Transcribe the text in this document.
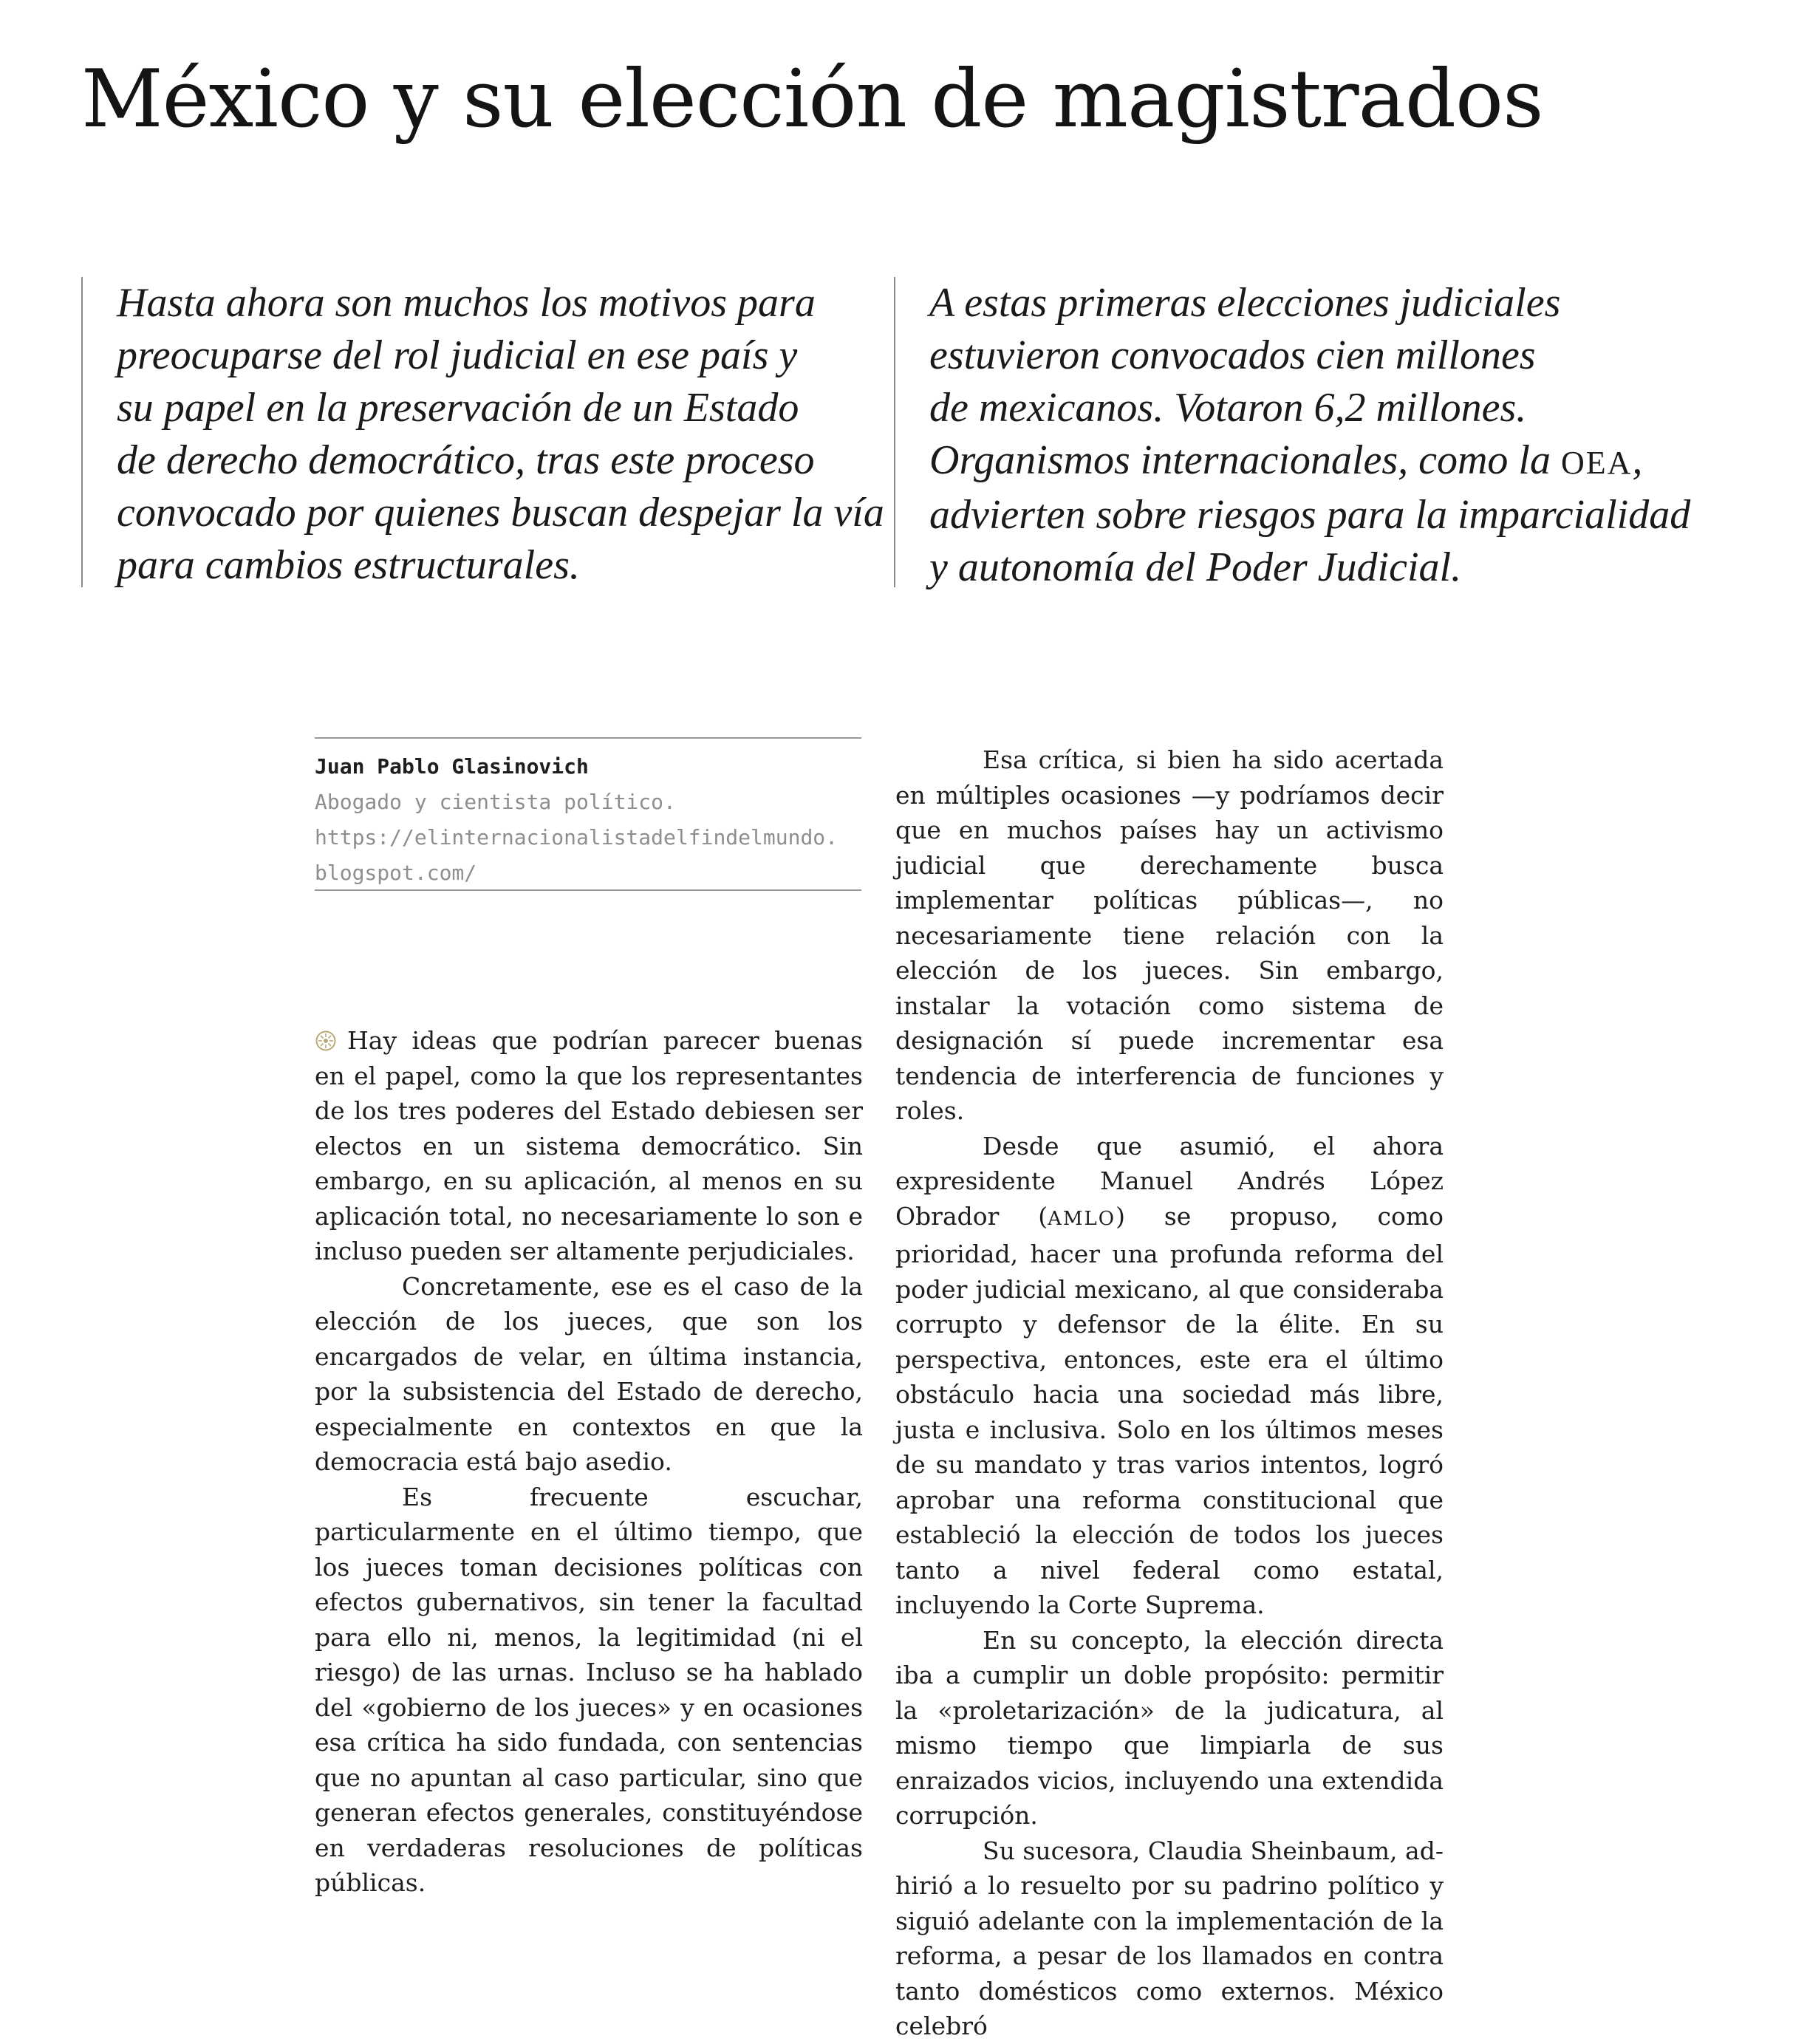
México y su elección de magistrados

Hasta ahora son muchos los motivos para
preocuparse del rol judicial en ese país y
su papel en la preservación de un Estado
de derecho democrático, tras este proceso
convocado por quienes buscan despejar la vía
para cambios estructurales.

A estas primeras elecciones judiciales
estuvieron convocados cien millones
de mexicanos. Votaron 6,2 millones.
Organismos internacionales, como la OEA,
advierten sobre riesgos para la imparcialidad
y autonomía del Poder Judicial.

Juan Pablo Glasinovich
Abogado y cientista político.
https://elinternacionalistadelfindelmundo.
blogspot.com/

Hay ideas que podrían parecer buenas en el papel, como la que los representantes de los tres poderes del Estado debiesen ser electos en un sistema democrático. Sin embargo, en su aplicación, al menos en su aplicación total, no necesariamente lo son e incluso pueden ser altamente perjudiciales.

Concretamente, ese es el caso de la elección de los jueces, que son los encargados de velar, en última instancia, por la subsistencia del Estado de derecho, especialmente en contextos en que la democracia está bajo asedio.

Es frecuente escuchar, particularmente en el último tiempo, que los jueces toman decisiones políticas con efectos gubernativos, sin tener la facultad para ello ni, menos, la legitimidad (ni el riesgo) de las urnas. Incluso se ha hablado del «gobierno de los jueces» y en ocasiones esa crítica ha sido fundada, con sentencias que no apuntan al caso particular, sino que generan efectos generales, constituyéndose en verdaderas resoluciones de políticas públicas.

Esa crítica, si bien ha sido acertada en múltiples ocasiones —y podríamos decir que en muchos países hay un activismo judicial que derechamente busca implementar políticas públicas—, no necesariamente tiene relación con la elección de los jueces. Sin embargo, instalar la votación como sistema de designación sí puede incrementar esa tendencia de interferencia de funciones y roles.

Desde que asumió, el ahora expresidente Manuel Andrés López Obrador (AMLO) se propuso, como prioridad, hacer una profunda reforma del poder judicial mexicano, al que consideraba corrupto y defensor de la élite. En su perspectiva, entonces, este era el último obstáculo hacia una sociedad más libre, justa e inclusiva. Solo en los últimos meses de su mandato y tras varios intentos, logró aprobar una reforma constitucional que estableció la elección de todos los jueces tanto a nivel federal como estatal, incluyendo la Corte Suprema.

En su concepto, la elección directa iba a cumplir un doble propósito: permitir la «proletarización» de la judicatura, al mismo tiempo que limpiarla de sus enraizados vicios, incluyendo una extendida corrupción.

Su sucesora, Claudia Sheinbaum, adhirió a lo resuelto por su padrino político y siguió adelante con la implementación de la reforma, a pesar de los llamados en contra tanto domésticos como externos. México celebró
